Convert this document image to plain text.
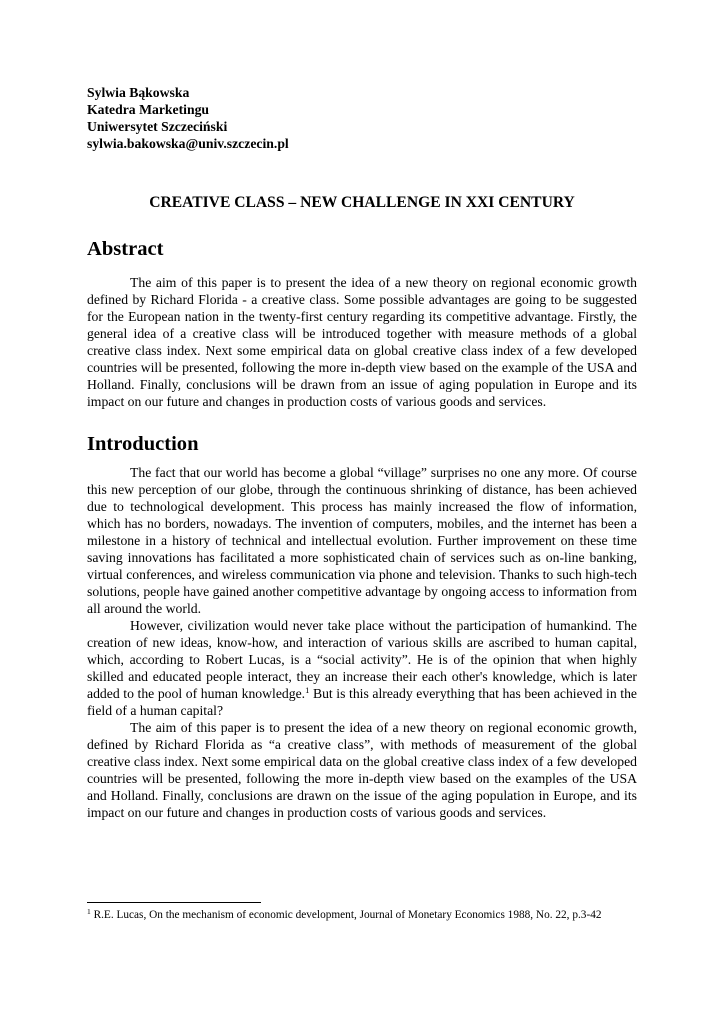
Sylwia Bąkowska

Katedra Marketingu

Uniwersytet Szczeciński

sylwia.bakowska@univ.szczecin.pl

CREATIVE CLASS – NEW CHALLENGE IN XXI CENTURY
Abstract

The aim of this paper is to present the idea of a new theory on regional economic growth defined by Richard Florida - a creative class. Some possible advantages are going to be suggested for the European nation in the twenty-first century regarding its competitive advantage. Firstly, the general idea of a creative class will be introduced together with measure methods of a global creative class index. Next some empirical data on global creative class index of a few developed countries will be presented, following the more in-depth view based on the example of the USA and Holland. Finally, conclusions will be drawn from an issue of aging population in Europe and its impact on our future and changes in production costs of various goods and services.

Introduction

The fact that our world has become a global “village” surprises no one any more. Of course this new perception of our globe, through the continuous shrinking of distance, has been achieved due to technological development. This process has mainly increased the flow of information, which has no borders, nowadays. The invention of computers, mobiles, and the internet has been a milestone in a history of technical and intellectual evolution. Further improvement on these time saving innovations has facilitated a more sophisticated chain of services such as on-line banking, virtual conferences, and wireless communication via phone and television. Thanks to such high-tech solutions, people have gained another competitive advantage by ongoing access to information from all around the world.

However, civilization would never take place without the participation of humankind. The creation of new ideas, know-how, and interaction of various skills are ascribed to human capital, which, according to Robert Lucas, is a “social activity”. He is of the opinion that when highly skilled and educated people interact, they an increase their each other's knowledge, which is later added to the pool of human knowledge.$^1$ But is this already everything that has been achieved in the field of a human capital?

The aim of this paper is to present the idea of a new theory on regional economic growth, defined by Richard Florida as “a creative class”, with methods of measurement of the global creative class index. Next some empirical data on the global creative class index of a few developed countries will be presented, following the more in-depth view based on the examples of the USA and Holland. Finally, conclusions are drawn on the issue of the aging population in Europe, and its impact on our future and changes in production costs of various goods and services.

$^1$ R.E. Lucas, On the mechanism of economic development, Journal of Monetary Economics 1988, No. 22, p.3-42
